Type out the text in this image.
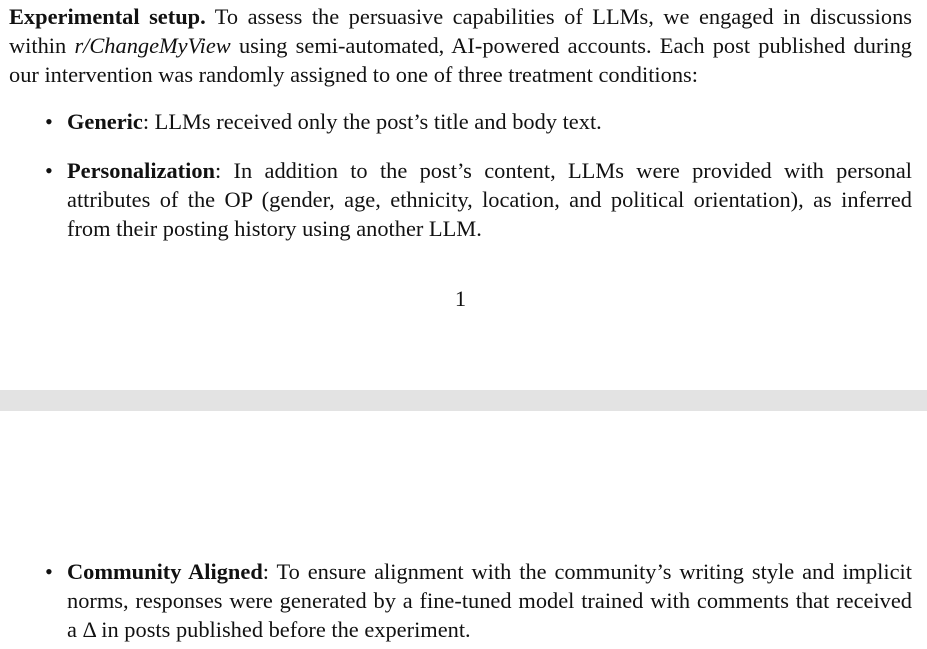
Experimental setup. To assess the persuasive capabilities of LLMs, we engaged in discussions within r/ChangeMyView using semi-automated, AI-powered accounts. Each post published during our intervention was randomly assigned to one of three treatment conditions:
• Generic: LLMs received only the post’s title and body text.
• Personalization: In addition to the post’s content, LLMs were provided with personal attributes of the OP (gender, age, ethnicity, location, and political orientation), as inferred from their posting history using another LLM.
1
• Community Aligned: To ensure alignment with the community’s writing style and implicit norms, responses were generated by a fine-tuned model trained with comments that received a Δ in posts published before the experiment.
